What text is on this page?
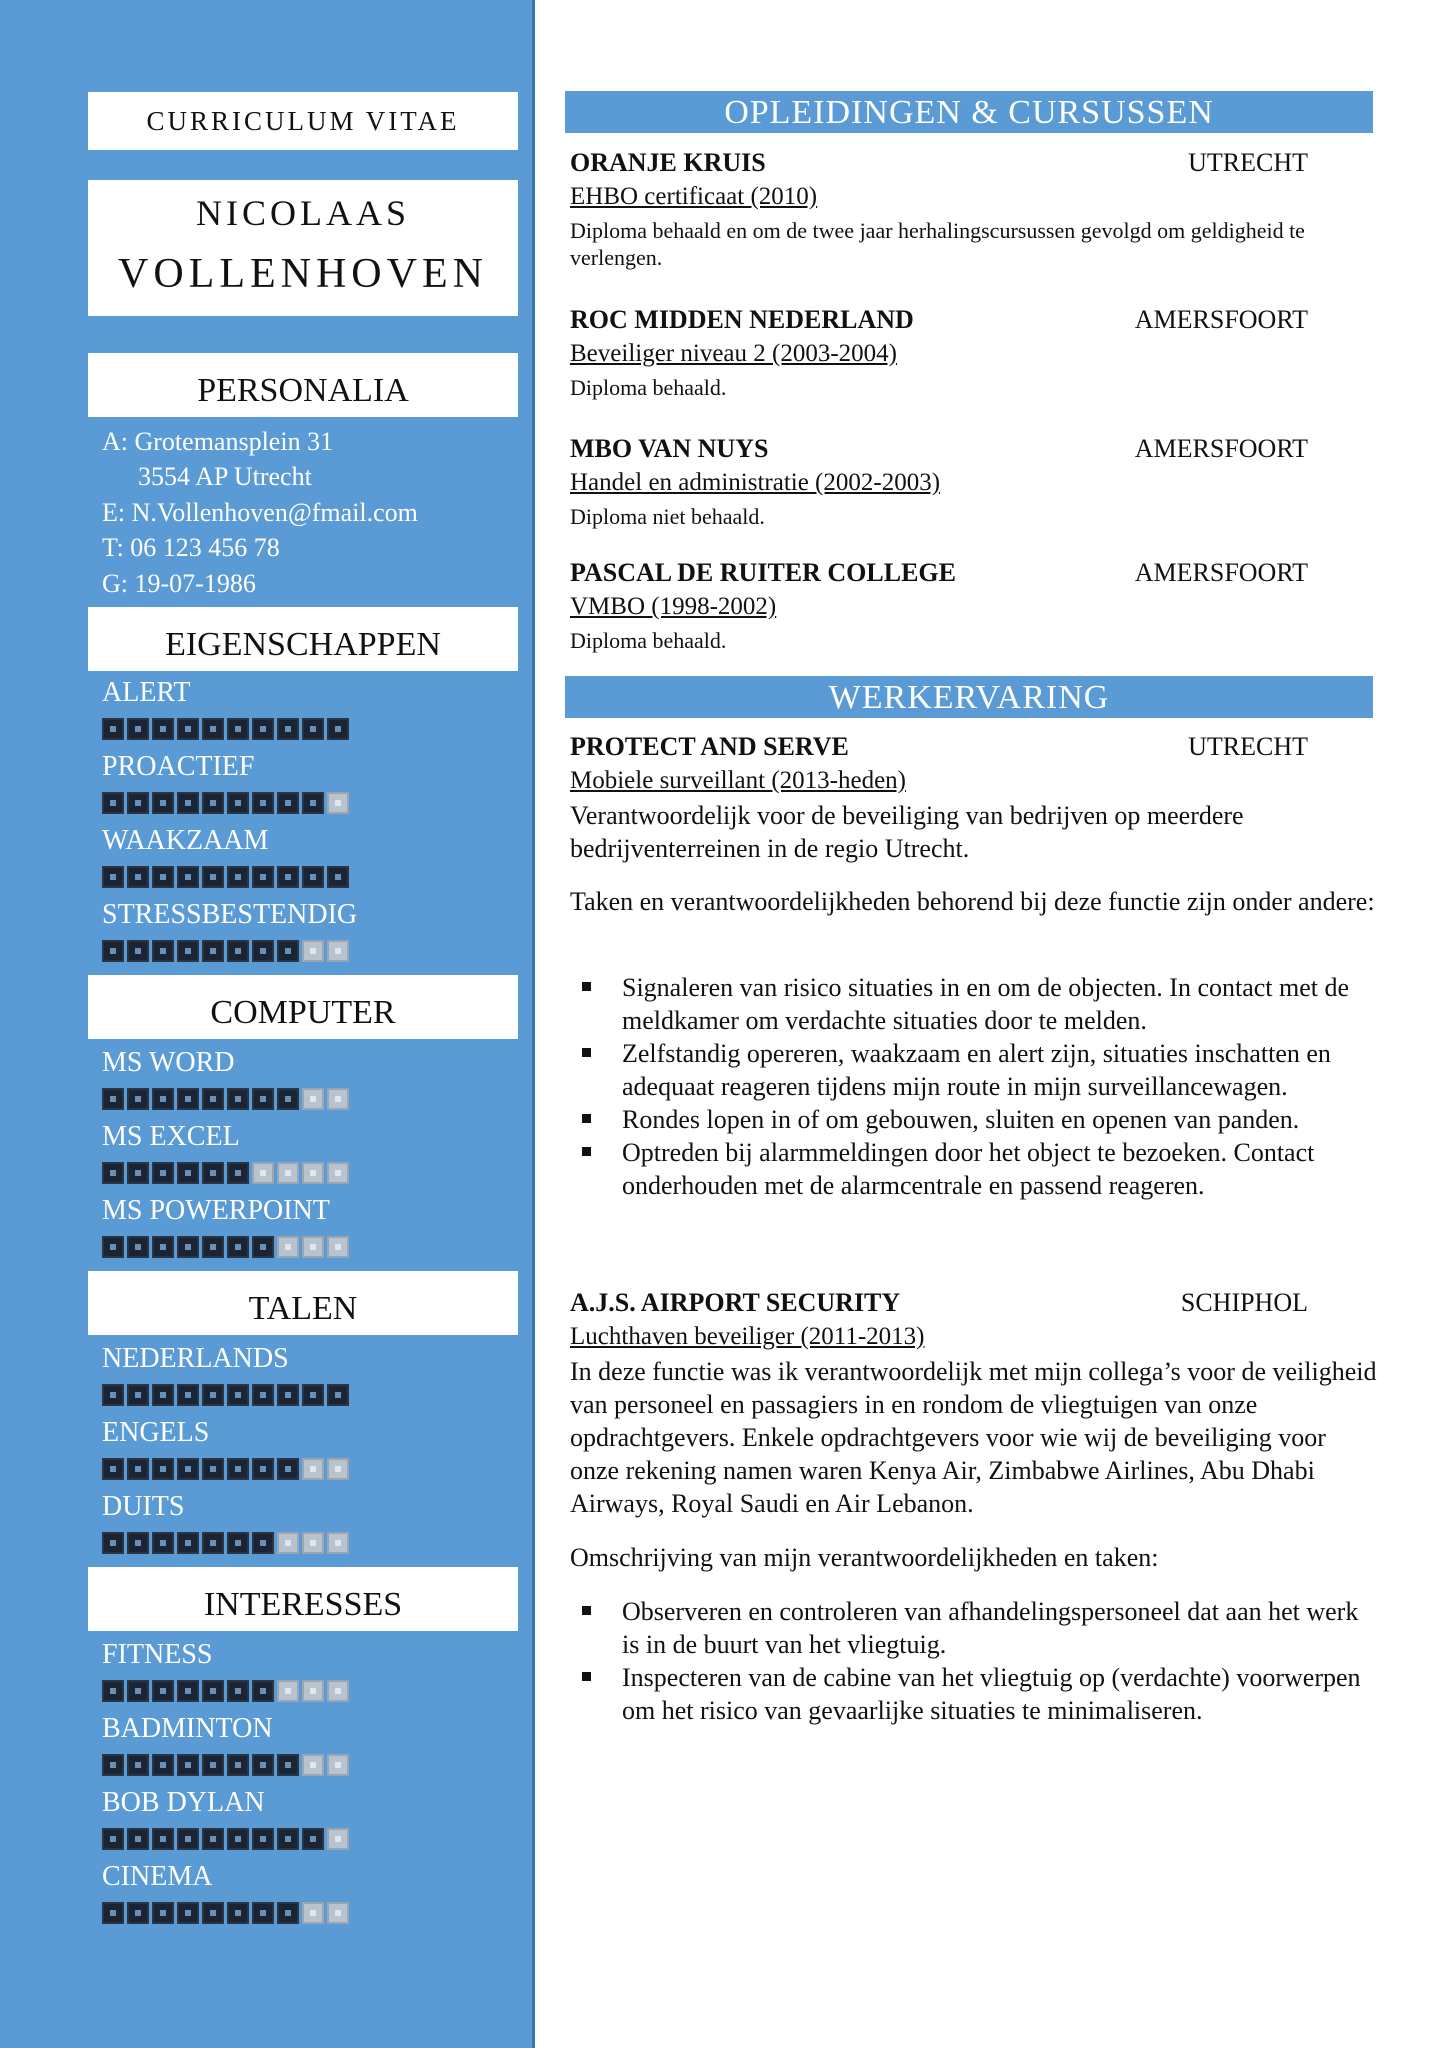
CURRICULUM VITAE
NICOLAAS
VOLLENHOVEN
PERSONALIA
A: Grotemansplein 31
3554 AP Utrecht
E: N.Vollenhoven@fmail.com
T: 06 123 456 78
G: 19-07-1986
EIGENSCHAPPEN
ALERT
PROACTIEF
WAAKZAAM
STRESSBESTENDIG
COMPUTER
MS WORD
MS EXCEL
MS POWERPOINT
TALEN
NEDERLANDS
ENGELS
DUITS
INTERESSES
FITNESS
BADMINTON
BOB DYLAN
CINEMA
OPLEIDINGEN & CURSUSSEN
ORANJE KRUIS	UTRECHT
EHBO certificaat (2010)
Diploma behaald en om de twee jaar herhalingscursussen gevolgd om geldigheid te verlengen.
ROC MIDDEN NEDERLAND	AMERSFOORT
Beveiliger niveau 2 (2003-2004)
Diploma behaald.
MBO VAN NUYS	AMERSFOORT
Handel en administratie (2002-2003)
Diploma niet behaald.
PASCAL DE RUITER COLLEGE	AMERSFOORT
VMBO (1998-2002)
Diploma behaald.
WERKERVARING
PROTECT AND SERVE	UTRECHT
Mobiele surveillant (2013-heden)
Verantwoordelijk voor de beveiliging van bedrijven op meerdere bedrijventerreinen in de regio Utrecht.
Taken en verantwoordelijkheden behorend bij deze functie zijn onder andere:
Signaleren van risico situaties in en om de objecten. In contact met de meldkamer om verdachte situaties door te melden.
Zelfstandig opereren, waakzaam en alert zijn, situaties inschatten en adequaat reageren tijdens mijn route in mijn surveillancewagen.
Rondes lopen in of om gebouwen, sluiten en openen van panden.
Optreden bij alarmmeldingen door het object te bezoeken. Contact onderhouden met de alarmcentrale en passend reageren.
A.J.S. AIRPORT SECURITY	SCHIPHOL
Luchthaven beveiliger (2011-2013)
In deze functie was ik verantwoordelijk met mijn collega’s voor de veiligheid van personeel en passagiers in en rondom de vliegtuigen van onze opdrachtgevers. Enkele opdrachtgevers voor wie wij de beveiliging voor onze rekening namen waren Kenya Air, Zimbabwe Airlines, Abu Dhabi Airways, Royal Saudi en Air Lebanon.
Omschrijving van mijn verantwoordelijkheden en taken:
Observeren en controleren van afhandelingspersoneel dat aan het werk is in de buurt van het vliegtuig.
Inspecteren van de cabine van het vliegtuig op (verdachte) voorwerpen om het risico van gevaarlijke situaties te minimaliseren.
